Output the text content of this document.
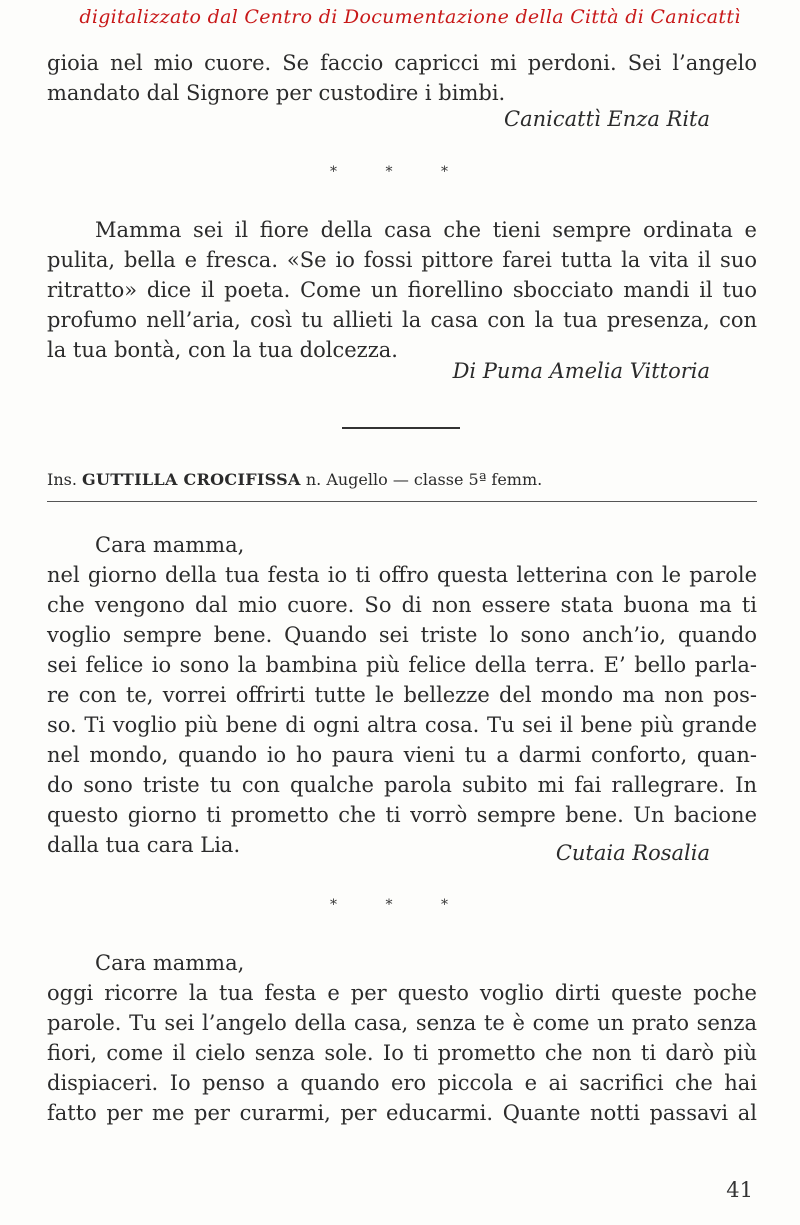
digitalizzato dal Centro di Documentazione della Città di Canicattì
gioia nel mio cuore. Se faccio capricci mi perdoni. Sei l’angelo
mandato dal Signore per custodire i bimbi.
Canicattì Enza Rita
* * *
Mamma sei il fiore della casa che tieni sempre ordinata e
pulita, bella e fresca. «Se io fossi pittore farei tutta la vita il suo
ritratto» dice il poeta. Come un fiorellino sbocciato mandi il tuo
profumo nell’aria, così tu allieti la casa con la tua presenza, con
la tua bontà, con la tua dolcezza.
Di Puma Amelia Vittoria
Ins. GUTTILLA CROCIFISSA n. Augello — classe 5ª femm.
Cara mamma,
nel giorno della tua festa io ti offro questa letterina con le parole
che vengono dal mio cuore. So di non essere stata buona ma ti
voglio sempre bene. Quando sei triste lo sono anch’io, quando
sei felice io sono la bambina più felice della terra. E’ bello parla-
re con te, vorrei offrirti tutte le bellezze del mondo ma non pos-
so. Ti voglio più bene di ogni altra cosa. Tu sei il bene più grande
nel mondo, quando io ho paura vieni tu a darmi conforto, quan-
do sono triste tu con qualche parola subito mi fai rallegrare. In
questo giorno ti prometto che ti vorrò sempre bene. Un bacione
dalla tua cara Lia.	Cutaia Rosalia
* * *
Cara mamma,
oggi ricorre la tua festa e per questo voglio dirti queste poche
parole. Tu sei l’angelo della casa, senza te è come un prato senza
fiori, come il cielo senza sole. Io ti prometto che non ti darò più
dispiaceri. Io penso a quando ero piccola e ai sacrifici che hai
fatto per me per curarmi, per educarmi. Quante notti passavi al
41
